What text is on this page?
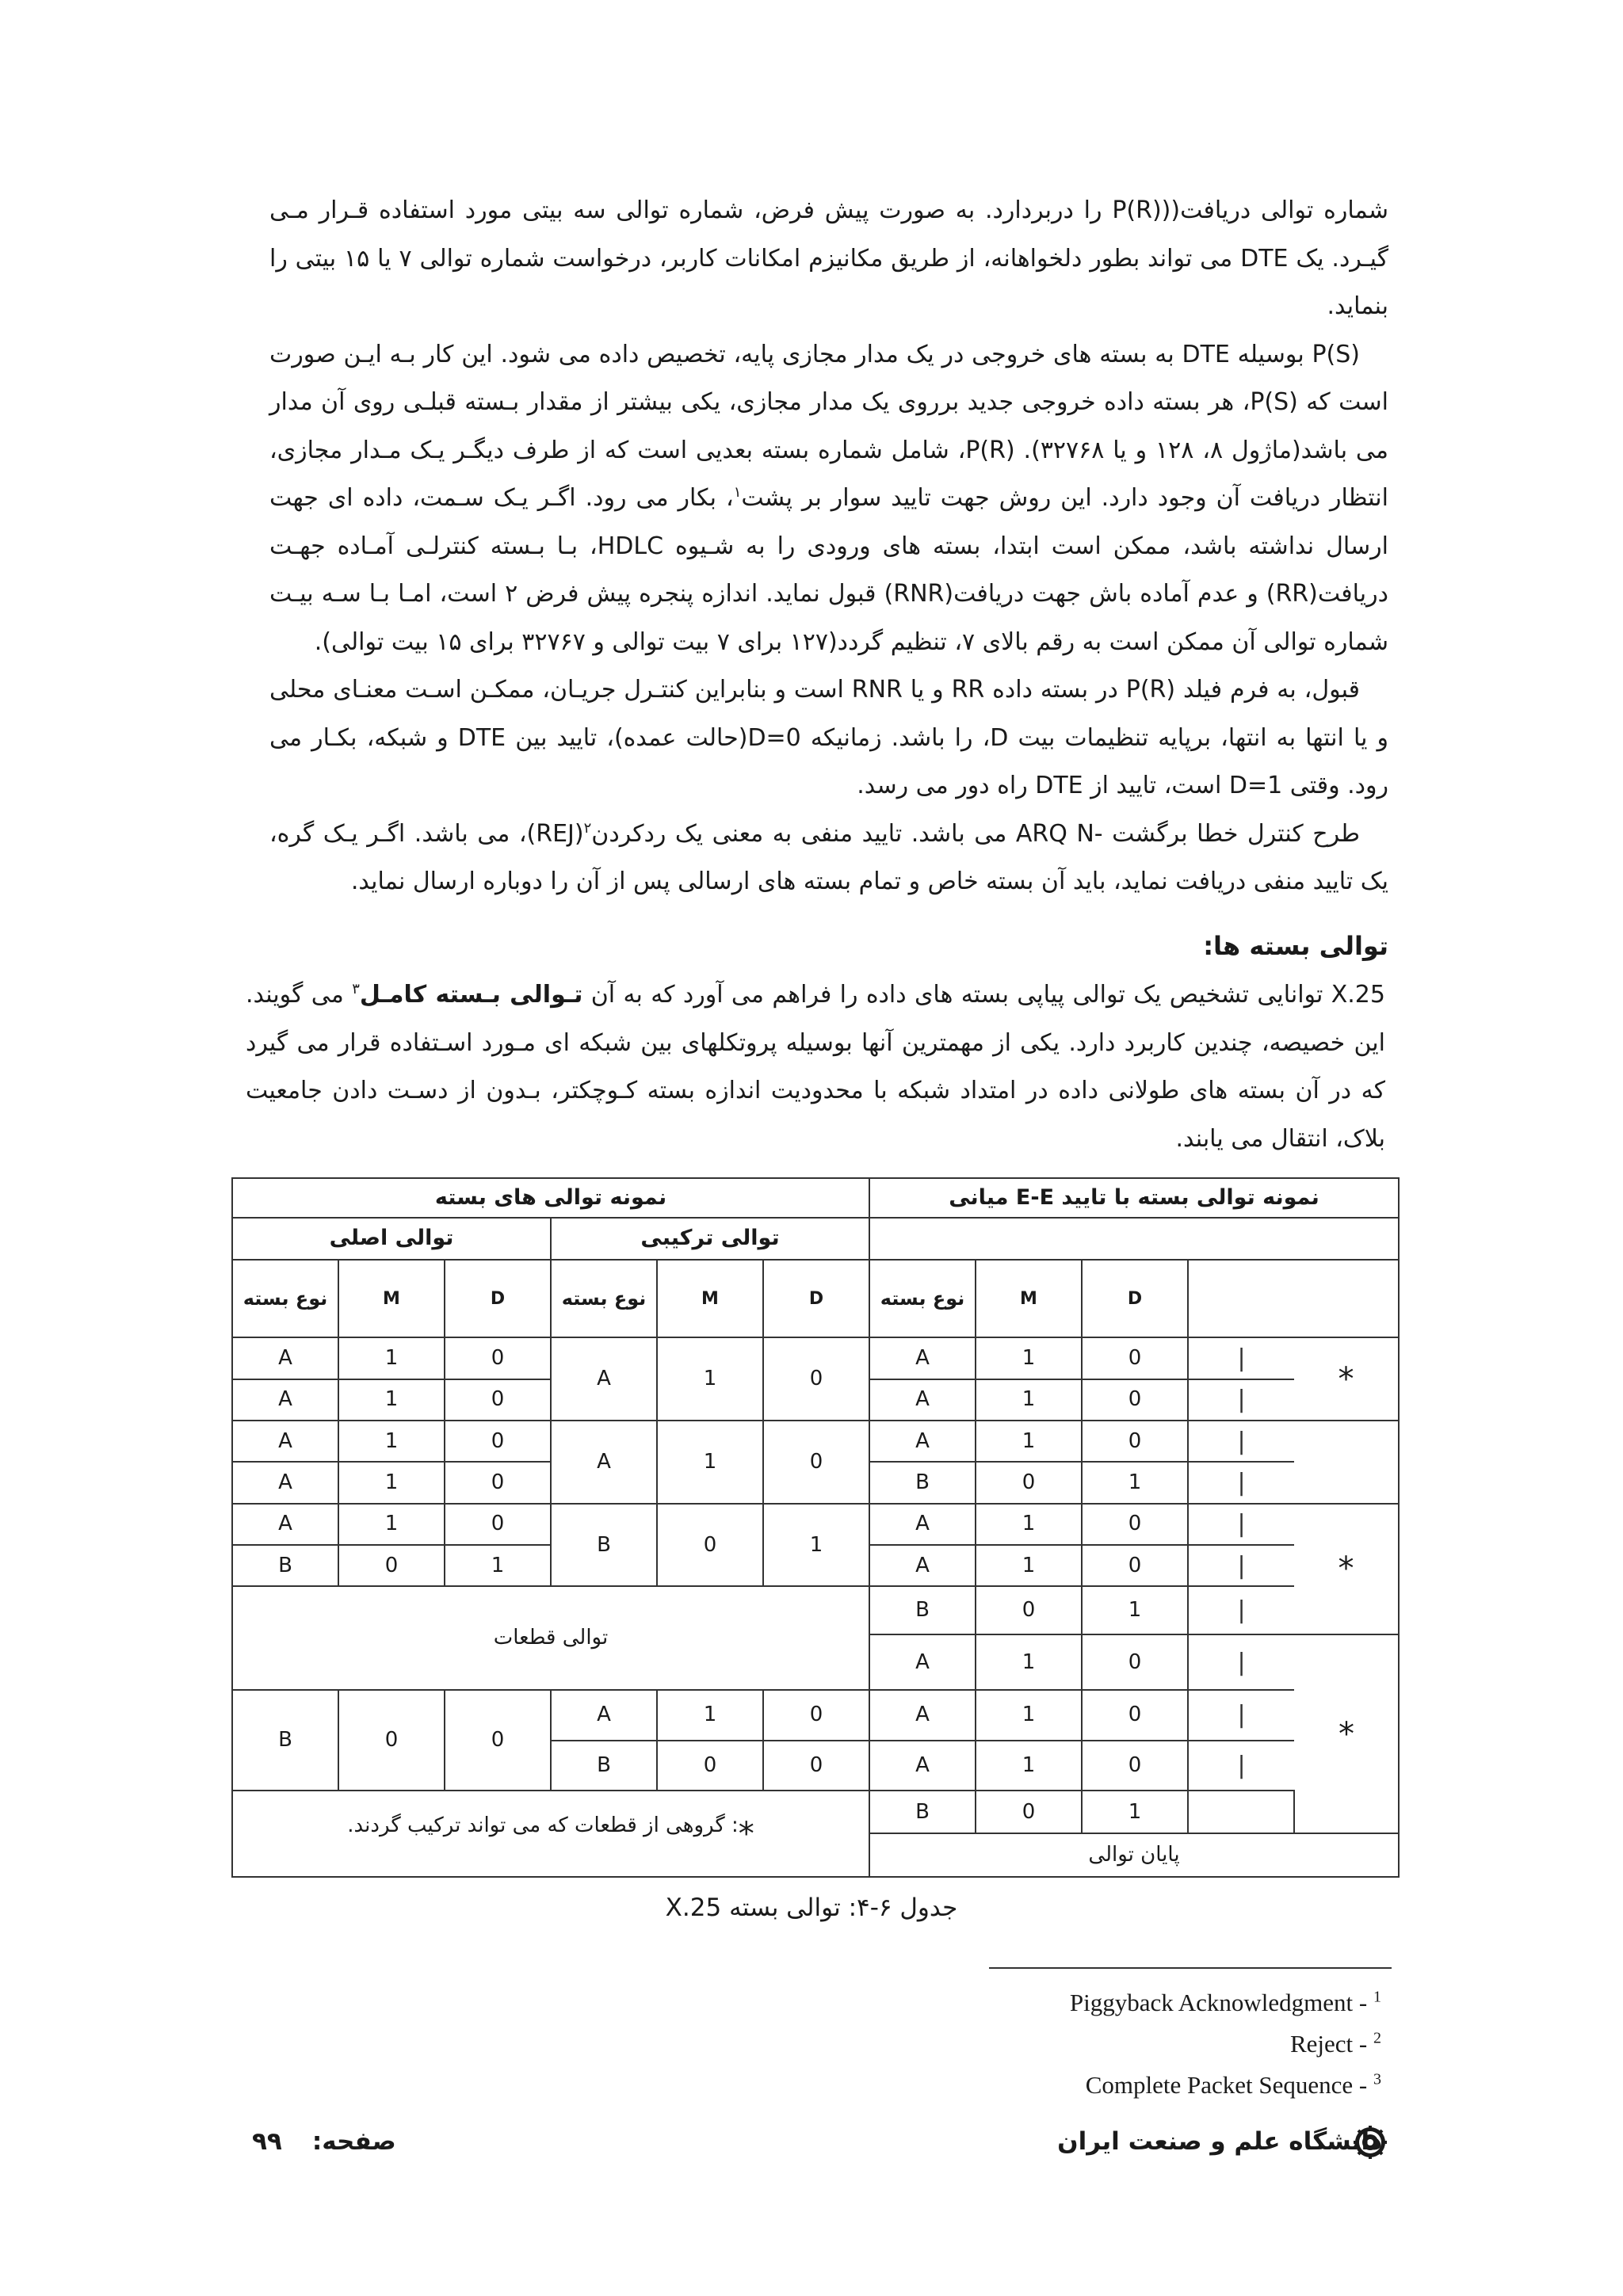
شماره توالی دریافت((P(R) را دربردارد. به صورت پیش فرض، شماره توالی سه بیتی مورد استفاده قـرار مـی گیـرد. یک DTE می تواند بطور دلخواهانه، از طریق مکانیزم امکانات کاربر، درخواست شماره توالی ۷ یا ۱۵ بیتی را بنماید.

P(S) بوسیله DTE به بسته های خروجی در یک مدار مجازی پایه، تخصیص داده می شود. این کار بـه ایـن صورت است که P(S)، هر بسته داده خروجی جدید برروی یک مدار مجازی، یکی بیشتر از مقدار بـسته قبلـی روی آن مدار می باشد(ماژول ۸، ۱۲۸ و یا ۳۲۷۶۸). P(R)، شامل شماره بسته بعدیی است که از طرف دیگـر یـک مـدار مجازی، انتظار دریافت آن وجود دارد. این روش جهت تایید سوار بر پشت$^۱$، بکار می رود. اگـر یـک سـمت، داده ای جهت ارسال نداشته باشد، ممکن است ابتدا، بسته های ورودی را به شـیوه HDLC، بـا بـسته کنترلـی آمـاده جهـت دریافت(RR) و عدم آماده باش جهت دریافت(RNR) قبول نماید. اندازه پنجره پیش فرض ۲ است، امـا بـا سـه بیـت شماره توالی آن ممکن است به رقم بالای ۷، تنظیم گردد(۱۲۷ برای ۷ بیت توالی و ۳۲۷۶۷ برای ۱۵ بیت توالی).

قبول، به فرم فیلد P(R) در بسته داده RR و یا RNR است و بنابراین کنتـرل جریـان، ممکـن اسـت معنـای محلی و یا انتها به انتها، برپایه تنظیمات بیت D، را باشد. زمانیکه D=0(حالت عمده)، تایید بین DTE و شبکه، بکـار می رود. وقتی D=1 است، تایید از DTE راه دور می رسد.

طرح کنترل خطا برگشت -ARQ N می باشد. تایید منفی به معنی یک ردکردن$^۲$(REJ)، می باشد. اگـر یـک گره، یک تایید منفی دریافت نماید، باید آن بسته خاص و تمام بسته های ارسالی پس از آن را دوباره ارسال نماید.

توالی بسته ها:
X.25 توانایی تشخیص یک توالی پیاپی بسته های داده را فراهم می آورد که به آن تـوالی بـسته کامـل$^۳$ می گویند. این خصیصه، چندین کاربرد دارد. یکی از مهمترین آنها بوسیله پروتکلهای بین شبکه ای مـورد اسـتفاده قرار می گیرد که در آن بسته های طولانی داده در امتداد شبکه با محدودیت اندازه بسته کـوچکتر، بـدون از دسـت دادن جامعیت بلاک، انتقال می یابند.
نمونه توالی های بسته						نمونه توالی بسته با تایید E-E میانی				
توالی اصلی			توالی ترکیبی							
نوع بسته	M	D	نوع بسته	M	D	نوع بسته	M	D		
A	1	0	A	1	0	A	1	0	|	*
A	1	0				A	1	0	|	
A	1	0	A	1	0	A	1	0	|	
A	1	0				B	0	1	|	
A	1	0	B	0	1	A	1	0	|	*
B	0	1				A	1	0	|	
توالی قطعات						B	0	1	|	
						A	1	0	|	*
B	0	0	A	1	0	A	1	0	|	
			B	0	0	A	1	0	|	
*: گروهی از قطعات که می تواند ترکیب گردند.						B	0	1		
						پایان توالی				
جدول ۶-۴: توالی بسته X.25
Piggyback Acknowledgment - $^1$
Reject - $^2$
Complete Packet Sequence - $^3$
دانشگاه علم و صنعت ایران
صفحه:۹۹
